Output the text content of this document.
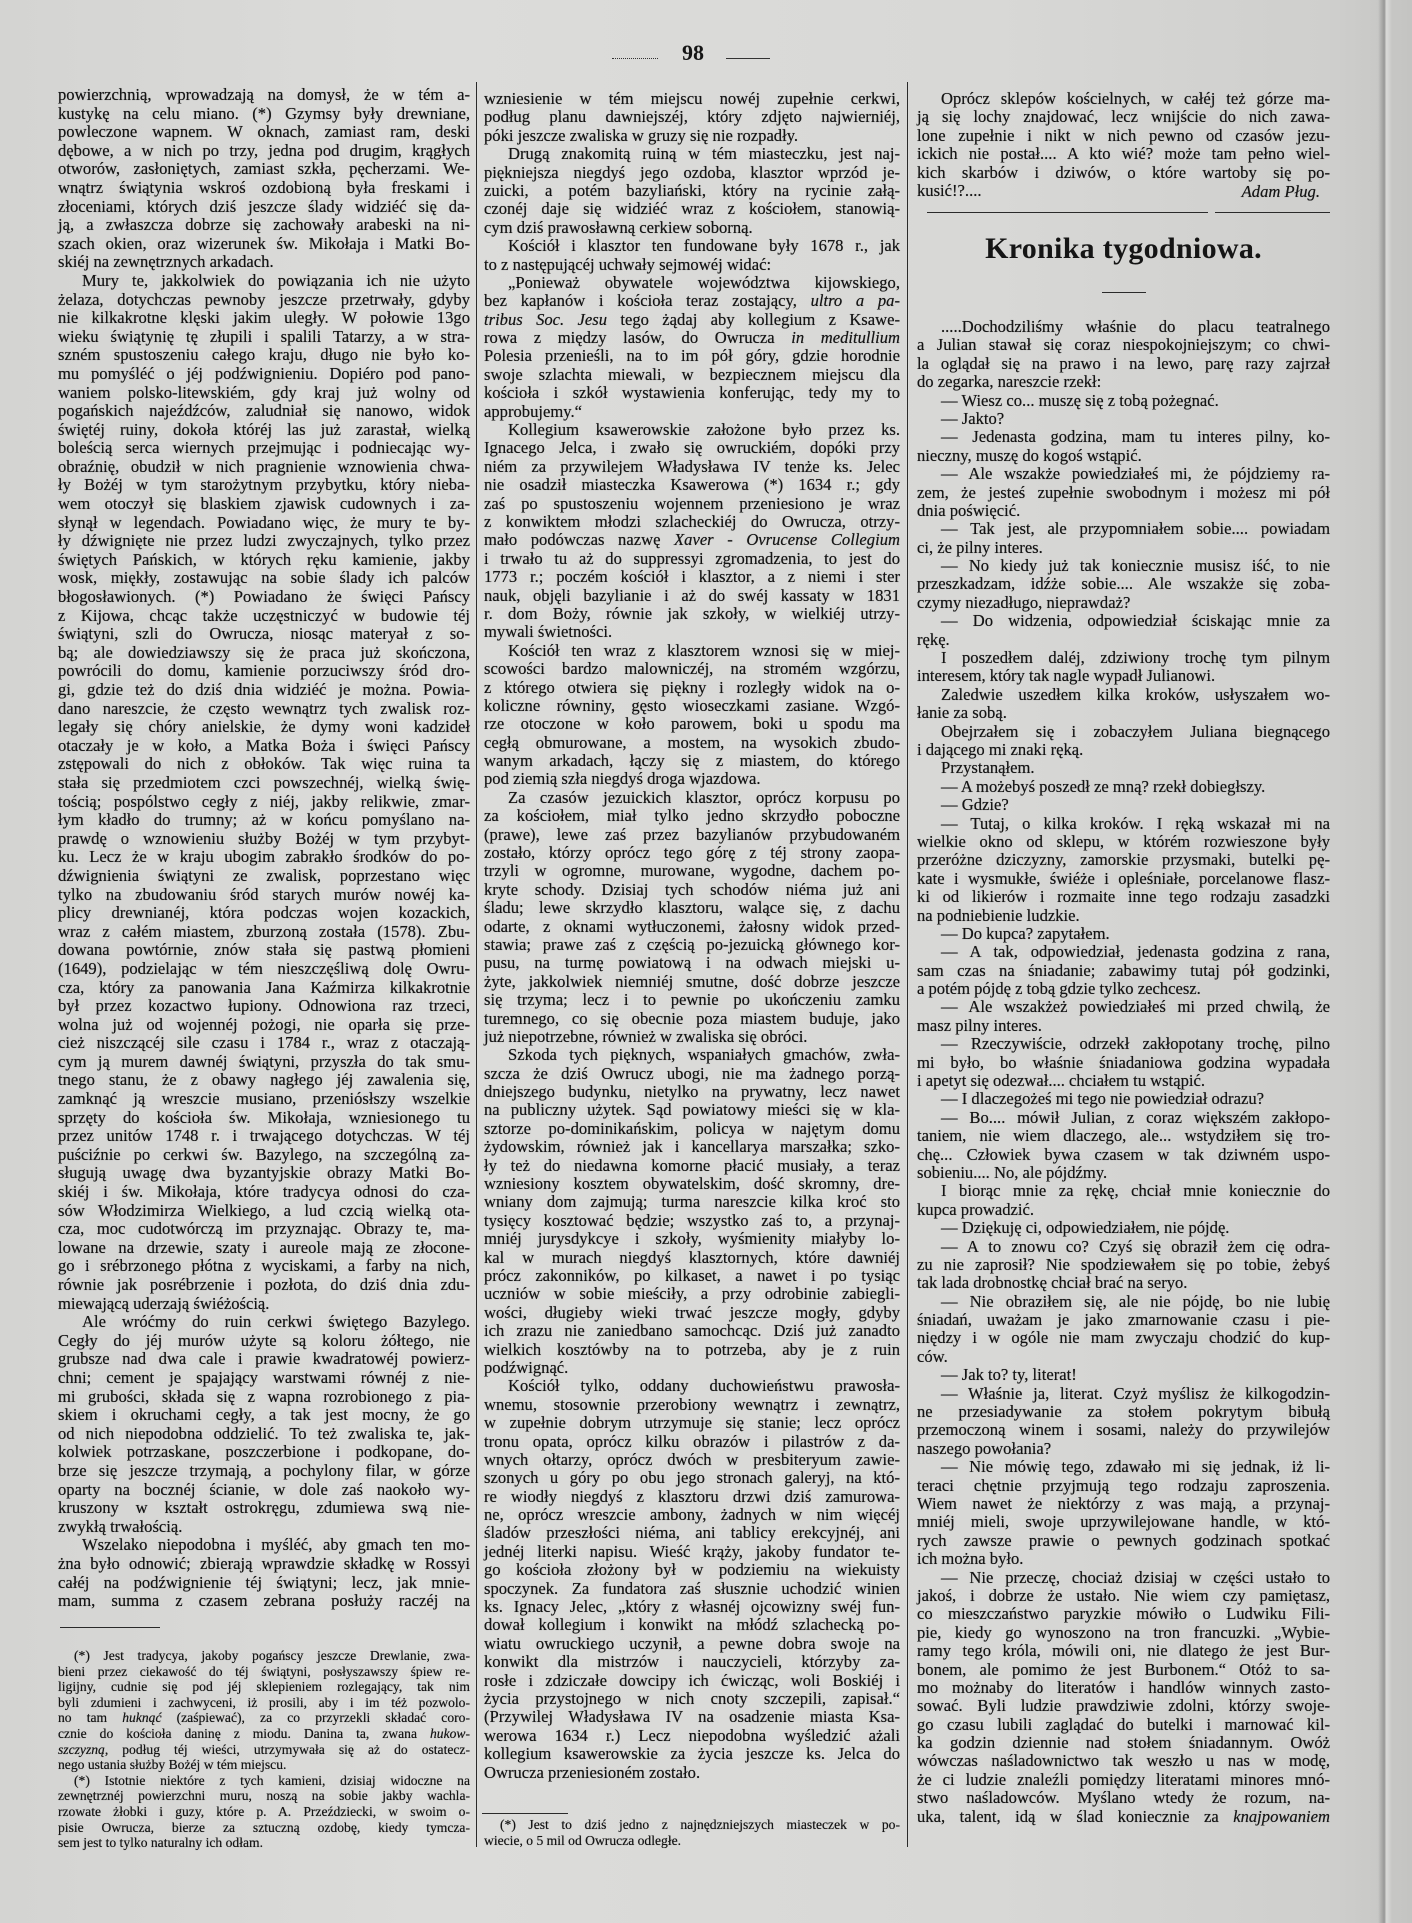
98
powierzchnią, wprowadzają na domysł, że w tém a-
kustykę na celu miano. (*) Gzymsy były drewniane,
powleczone wapnem. W oknach, zamiast ram, deski
dębowe, a w nich po trzy, jedna pod drugim, krągłych
otworów, zasłoniętych, zamiast szkła, pęcherzami. We-
wnątrz świątynia wskroś ozdobioną była freskami i
złoceniami, których dziś jeszcze ślady widziéć się da-
ją, a zwłaszcza dobrze się zachowały arabeski na ni-
szach okien, oraz wizerunek św. Mikołaja i Matki Bo-
skiéj na zewnętrznych arkadach.
Mury te, jakkolwiek do powiązania ich nie użyto
żelaza, dotychczas pewnoby jeszcze przetrwały, gdyby
nie kilkakrotne klęski jakim uległy. W połowie 13go
wieku świątynię tę złupili i spalili Tatarzy, a w stra-
szném spustoszeniu całego kraju, długo nie było ko-
mu pomyśléć o jéj podźwignieniu. Dopiéro pod pano-
waniem polsko-litewskiém, gdy kraj już wolny od
pogańskich najeźdźców, zaludniał się nanowo, widok
świętéj ruiny, dokoła któréj las już zarastał, wielką
boleścią serca wiernych przejmując i podniecając wy-
obraźnię, obudził w nich pragnienie wznowienia chwa-
ły Bożéj w tym starożytnym przybytku, który nieba-
wem otoczył się blaskiem zjawisk cudownych i za-
słynął w legendach. Powiadano więc, że mury te by-
ły dźwignięte nie przez ludzi zwyczajnych, tylko przez
świętych Pańskich, w których ręku kamienie, jakby
wosk, miękły, zostawując na sobie ślady ich palców
błogosławionych. (*) Powiadano że święci Pańscy
z Kijowa, chcąc także uczęstniczyć w budowie téj
świątyni, szli do Owrucza, niosąc materyał z so-
bą; ale dowiedziawszy się że praca już skończona,
powrócili do domu, kamienie porzuciwszy śród dro-
gi, gdzie też do dziś dnia widziéć je można. Powia-
dano nareszcie, że często wewnątrz tych zwalisk roz-
legały się chóry anielskie, że dymy woni kadzideł
otaczały je w koło, a Matka Boża i święci Pańscy
zstępowali do nich z obłoków. Tak więc ruina ta
stała się przedmiotem czci powszechnéj, wielką świę-
tością; pospólstwo cegły z niéj, jakby relikwie, zmar-
łym kładło do trumny; aż w końcu pomyślano na-
prawdę o wznowieniu służby Bożéj w tym przybyt-
ku. Lecz że w kraju ubogim zabrakło środków do po-
dźwignienia świątyni ze zwalisk, poprzestano więc
tylko na zbudowaniu śród starych murów nowéj ka-
plicy drewnianéj, która podczas wojen kozackich,
wraz z całém miastem, zburzoną została (1578). Zbu-
dowana powtórnie, znów stała się pastwą płomieni
(1649), podzielając w tém nieszczęśliwą dolę Owru-
cza, który za panowania Jana Kaźmirza kilkakrotnie
był przez kozactwo łupiony. Odnowiona raz trzeci,
wolna już od wojennéj pożogi, nie oparła się prze-
cież niszczącéj sile czasu i 1784 r., wraz z otaczają-
cym ją murem dawnéj świątyni, przyszła do tak smu-
tnego stanu, że z obawy nagłego jéj zawalenia się,
zamknąć ją wreszcie musiano, przeniósłszy wszelkie
sprzęty do kościoła św. Mikołaja, wzniesionego tu
przez unitów 1748 r. i trwającego dotychczas. W téj
puściźnie po cerkwi św. Bazylego, na szczególną za-
sługują uwagę dwa byzantyjskie obrazy Matki Bo-
skiéj i św. Mikołaja, które tradycya odnosi do cza-
sów Włodzimirza Wielkiego, a lud czcią wielką ota-
cza, moc cudotwórczą im przyznając. Obrazy te, ma-
lowane na drzewie, szaty i aureole mają ze złocone-
go i srébrzonego płótna z wyciskami, a farby na nich,
równie jak posrébrzenie i pozłota, do dziś dnia zdu-
miewającą uderzają świéżością.
Ale wróćmy do ruin cerkwi świętego Bazylego.
Cegły do jéj murów użyte są koloru żółtego, nie
grubsze nad dwa cale i prawie kwadratowéj powierz-
chni; cement je spajający warstwami równéj z nie-
mi grubości, składa się z wapna rozrobionego z pia-
skiem i okruchami cegły, a tak jest mocny, że go
od nich niepodobna oddzielić. To też zwaliska te, jak-
kolwiek potrzaskane, poszczerbione i podkopane, do-
brze się jeszcze trzymają, a pochylony filar, w górze
oparty na bocznéj ścianie, w dole zaś naokoło wy-
kruszony w kształt ostrokręgu, zdumiewa swą nie-
zwykłą trwałością.
Wszelako niepodobna i myśléć, aby gmach ten mo-
żna było odnowić; zbierają wprawdzie składkę w Rossyi
całéj na podźwignienie téj świątyni; lecz, jak mnie-
mam, summa z czasem zebrana posłuży raczéj na
(*) Jest tradycya, jakoby pogańscy jeszcze Drewlanie, zwa-
bieni przez ciekawość do téj świątyni, posłyszawszy śpiew re-
ligijny, cudnie się pod jéj sklepieniem rozlegający, tak nim
byli zdumieni i zachwyceni, iż prosili, aby i im téż pozwolo-
no tam huknąć (zaśpiewać), za co przyrzekli składać coro-
cznie do kościoła daninę z miodu. Danina ta, zwana hukow-
szczyzną, podług téj wieści, utrzymywała się aż do ostatecz-
nego ustania służby Bożéj w tém miejscu.
(*) Istotnie niektóre z tych kamieni, dzisiaj widoczne na
zewnętrznéj powierzchni muru, noszą na sobie jakby wachla-
rzowate żłobki i guzy, które p. A. Przeździecki, w swoim o-
pisie Owrucza, bierze za sztuczną ozdobę, kiedy tymcza-
sem jest to tylko naturalny ich odłam.
wzniesienie w tém miejscu nowéj zupełnie cerkwi,
podług planu dawniejszéj, który zdjęto najwierniéj,
póki jeszcze zwaliska w gruzy się nie rozpadły.
Drugą znakomitą ruiną w tém miasteczku, jest naj-
piękniejsza niegdyś jego ozdoba, klasztor wprzód je-
zuicki, a potém bazyliański, który na rycinie załą-
czonéj daje się widziéć wraz z kościołem, stanowią-
cym dziś prawosławną cerkiew soborną.
Kościół i klasztor ten fundowane były 1678 r., jak
to z następującéj uchwały sejmowéj widać:
„Ponieważ obywatele województwa kijowskiego,
bez kapłanów i kościoła teraz zostający, ultro a pa-
tribus Soc. Jesu tego żądaj aby kollegium z Ksawe-
rowa z między lasów, do Owrucza in meditullium
Polesia przenieśli, na to im pół góry, gdzie horodnie
swoje szlachta miewali, w bezpiecznem miejscu dla
kościoła i szkół wystawienia konferując, tedy my to
approbujemy.“
Kollegium ksawerowskie założone było przez ks.
Ignacego Jelca, i zwało się owruckiém, dopóki przy
niém za przywilejem Władysława IV tenże ks. Jelec
nie osadził miasteczka Ksawerowa (*) 1634 r.; gdy
zaś po spustoszeniu wojennem przeniesiono je wraz
z konwiktem młodzi szlacheckiéj do Owrucza, otrzy-
mało podówczas nazwę Xaver - Ovrucense Collegium
i trwało tu aż do suppressyi zgromadzenia, to jest do
1773 r.; poczém kościół i klasztor, a z niemi i ster
nauk, objęli bazylianie i aż do swéj kassaty w 1831
r. dom Boży, równie jak szkoły, w wielkiéj utrzy-
mywali świetności.
Kościół ten wraz z klasztorem wznosi się w miej-
scowości bardzo malowniczéj, na stromém wzgórzu,
z którego otwiera się piękny i rozległy widok na o-
koliczne równiny, gęsto wioseczkami zasiane. Wzgó-
rze otoczone w koło parowem, boki u spodu ma
cegłą obmurowane, a mostem, na wysokich zbudo-
wanym arkadach, łączy się z miastem, do którego
pod ziemią szła niegdyś droga wjazdowa.
Za czasów jezuickich klasztor, oprócz korpusu po
za kościołem, miał tylko jedno skrzydło poboczne
(prawe), lewe zaś przez bazylianów przybudowaném
zostało, którzy oprócz tego górę z téj strony zaopa-
trzyli w ogromne, murowane, wygodne, dachem po-
kryte schody. Dzisiaj tych schodów niéma już ani
śladu; lewe skrzydło klasztoru, walące się, z dachu
odarte, z oknami wytłuczonemi, żałosny widok przed-
stawia; prawe zaś z częścią po-jezuicką głównego kor-
pusu, na turmę powiatową i na odwach miejski u-
żyte, jakkolwiek niemniéj smutne, dość dobrze jeszcze
się trzyma; lecz i to pewnie po ukończeniu zamku
turemnego, co się obecnie poza miastem buduje, jako
już niepotrzebne, również w zwaliska się obróci.
Szkoda tych pięknych, wspaniałych gmachów, zwła-
szcza że dziś Owrucz ubogi, nie ma żadnego porzą-
dniejszego budynku, nietylko na prywatny, lecz nawet
na publiczny użytek. Sąd powiatowy mieści się w kla-
sztorze po-dominikańskim, policya w najętym domu
żydowskim, również jak i kancellarya marszałka; szko-
ły też do niedawna komorne płacić musiały, a teraz
wzniesiony kosztem obywatelskim, dość skromny, dre-
wniany dom zajmują; turma nareszcie kilka kroć sto
tysięcy kosztować będzie; wszystko zaś to, a przynaj-
mniéj jurysdykcye i szkoły, wyśmienity miałyby lo-
kal w murach niegdyś klasztornych, które dawniéj
prócz zakonników, po kilkaset, a nawet i po tysiąc
uczniów w sobie mieściły, a przy odrobinie zabiegli-
wości, długieby wieki trwać jeszcze mogły, gdyby
ich zrazu nie zaniedbano samochcąc. Dziś już zanadto
wielkich kosztówby na to potrzeba, aby je z ruin
podźwignąć.
Kościół tylko, oddany duchowieństwu prawosła-
wnemu, stosownie przerobiony wewnątrz i zewnątrz,
w zupełnie dobrym utrzymuje się stanie; lecz oprócz
tronu opata, oprócz kilku obrazów i pilastrów z da-
wnych ołtarzy, oprócz dwóch w presbiteryum zawie-
szonych u góry po obu jego stronach galeryj, na któ-
re wiodły niegdyś z klasztoru drzwi dziś zamurowa-
ne, oprócz wreszcie ambony, żadnych w nim więcéj
śladów przeszłości niéma, ani tablicy erekcyjnéj, ani
jednéj literki napisu. Wieść krąży, jakoby fundator te-
go kościoła złożony był w podziemiu na wiekuisty
spoczynek. Za fundatora zaś słusznie uchodzić winien
ks. Ignacy Jelec, „który z własnéj ojcowizny swéj fun-
dował kollegium i konwikt na młódź szlachecką po-
wiatu owruckiego uczynił, a pewne dobra swoje na
konwikt dla mistrzów i nauczycieli, którzyby za-
rosłe i zdziczałe dowcipy ich ćwicząc, woli Boskiéj i
życia przystojnego w nich cnoty szczepili, zapisał.“
(Przywilej Władysława IV na osadzenie miasta Ksa-
werowa 1634 r.) Lecz niepodobna wyśledzić ażali
kollegium ksawerowskie za życia jeszcze ks. Jelca do
Owrucza przeniesioném zostało.
(*) Jest to dziś jedno z najnędzniejszych miasteczek w po-
wiecie, o 5 mil od Owrucza odległe.
Oprócz sklepów kościelnych, w całéj też górze ma-
ją się lochy znajdować, lecz wnijście do nich zawa-
lone zupełnie i nikt w nich pewno od czasów jezu-
ickich nie postał.... A kto wié? może tam pełno wiel-
kich skarbów i dziwów, o które wartoby się po-
kusić!?....	Adam Pług.
Kronika tygodniowa.
.....Dochodziliśmy właśnie do placu teatralnego
a Julian stawał się coraz niespokojniejszym; co chwi-
la oglądał się na prawo i na lewo, parę razy zajrzał
do zegarka, nareszcie rzekł:
— Wiesz co... muszę się z tobą pożegnać.
— Jakto?
— Jedenasta godzina, mam tu interes pilny, ko-
nieczny, muszę do kogoś wstąpić.
— Ale wszakże powiedziałeś mi, że pójdziemy ra-
zem, że jesteś zupełnie swobodnym i możesz mi pół
dnia poświęcić.
— Tak jest, ale przypomniałem sobie.... powiadam
ci, że pilny interes.
— No kiedy już tak koniecznie musisz iść, to nie
przeszkadzam, idźże sobie.... Ale wszakże się zoba-
czymy niezadługo, nieprawdaż?
— Do widzenia, odpowiedział ściskając mnie za
rękę.
I poszedłem daléj, zdziwiony trochę tym pilnym
interesem, który tak nagle wypadł Julianowi.
Zaledwie uszedłem kilka kroków, usłyszałem wo-
łanie za sobą.
Obejrzałem się i zobaczyłem Juliana biegnącego
i dającego mi znaki ręką.
Przystanąłem.
— A możebyś poszedł ze mną? rzekł dobiegłszy.
— Gdzie?
— Tutaj, o kilka kroków. I ręką wskazał mi na
wielkie okno od sklepu, w którém rozwieszone były
przeróżne dziczyzny, zamorskie przysmaki, butelki pę-
kate i wysmukłe, świéże i opleśniałe, porcelanowe flasz-
ki od likierów i rozmaite inne tego rodzaju zasadzki
na podniebienie ludzkie.
— Do kupca? zapytałem.
— A tak, odpowiedział, jedenasta godzina z rana,
sam czas na śniadanie; zabawimy tutaj pół godzinki,
a potém pójdę z tobą gdzie tylko zechcesz.
— Ale wszakżeż powiedziałeś mi przed chwilą, że
masz pilny interes.
— Rzeczywiście, odrzekł zakłopotany trochę, pilno
mi było, bo właśnie śniadaniowa godzina wypadała
i apetyt się odezwał.... chciałem tu wstąpić.
— I dlaczegożeś mi tego nie powiedział odrazu?
— Bo.... mówił Julian, z coraz większém zakłopo-
taniem, nie wiem dlaczego, ale... wstydziłem się tro-
chę... Człowiek bywa czasem w tak dziwném uspo-
sobieniu.... No, ale pójdźmy.
I biorąc mnie za rękę, chciał mnie koniecznie do
kupca prowadzić.
— Dziękuję ci, odpowiedziałem, nie pójdę.
— A to znowu co? Czyś się obraził żem cię odra-
zu nie zaprosił? Nie spodziewałem się po tobie, żebyś
tak lada drobnostkę chciał brać na seryo.
— Nie obraziłem się, ale nie pójdę, bo nie lubię
śniadań, uważam je jako zmarnowanie czasu i pie-
niędzy i w ogóle nie mam zwyczaju chodzić do kup-
ców.
— Jak to? ty, literat!
— Właśnie ja, literat. Czyż myślisz że kilkogodzin-
ne przesiadywanie za stołem pokrytym bibułą
przemoczoną winem i sosami, należy do przywilejów
naszego powołania?
— Nie mówię tego, zdawało mi się jednak, iż li-
teraci chętnie przyjmują tego rodzaju zaproszenia.
Wiem nawet że niektórzy z was mają, a przynaj-
mniéj mieli, swoje uprzywilejowane handle, w któ-
rych zawsze prawie o pewnych godzinach spotkać
ich można było.
— Nie przeczę, chociaż dzisiaj w części ustało to
jakoś, i dobrze że ustało. Nie wiem czy pamiętasz,
co mieszczaństwo paryzkie mówiło o Ludwiku Fili-
pie, kiedy go wynoszono na tron francuzki. „Wybie-
ramy tego króla, mówili oni, nie dlatego że jest Bur-
bonem, ale pomimo że jest Burbonem.“ Otóż to sa-
mo możnaby do literatów i handlów winnych zasto-
sować. Byli ludzie prawdziwie zdolni, którzy swoje-
go czasu lubili zaglądać do butelki i marnować kil-
ka godzin dziennie nad stołem śniadannym. Owóż
wówczas naśladownictwo tak weszło u nas w modę,
że ci ludzie znaleźli pomiędzy literatami minores mnó-
stwo naśladowców. Myślano wtedy że rozum, na-
uka, talent, idą w ślad koniecznie za knajpowaniem
